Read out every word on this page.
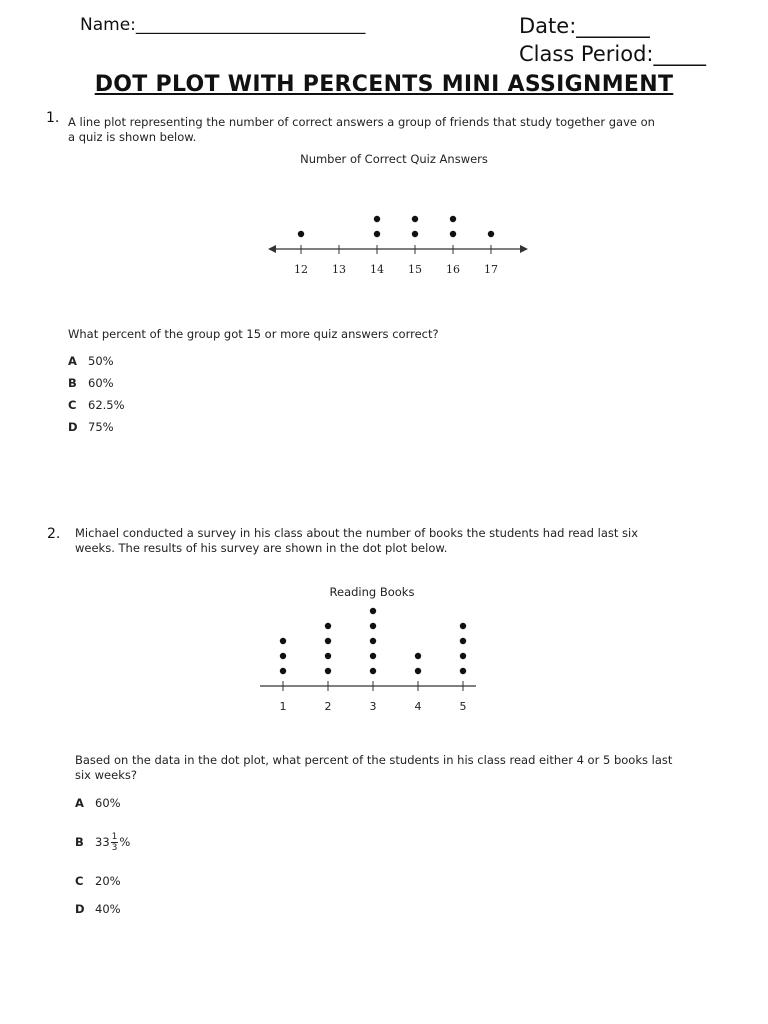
Name:___________________________	Date:_______
Class Period:_____
DOT PLOT WITH PERCENTS MINI ASSIGNMENT
1. A line plot representing the number of correct answers a group of friends that study together gave on
a quiz is shown below.
Number of Correct Quiz Answers
12 13 14 15 16 17
What percent of the group got 15 or more quiz answers correct?
A 50%
B 60%
C 62.5%
D 75%
2. Michael conducted a survey in his class about the number of books the students had read last six
weeks. The results of his survey are shown in the dot plot below.
Reading Books
1	2	3	4	5
Based on the data in the dot plot, what percent of the students in his class read either 4 or 5 books last
six weeks?
A 60%
B $33 \frac{1}{3}$ %
C 20%
D 40%
